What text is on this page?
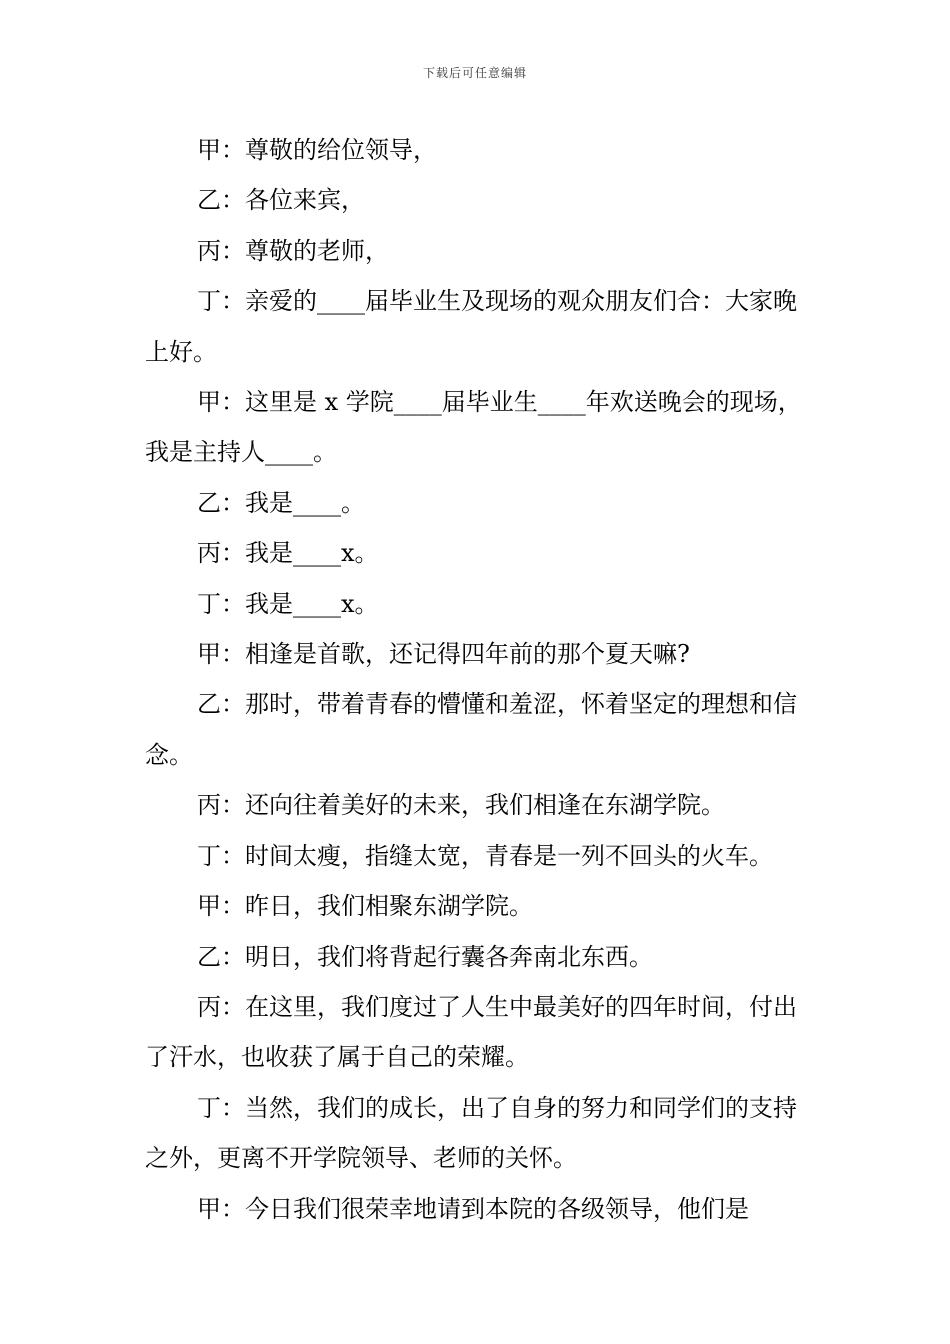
下载后可任意编辑

甲：尊敬的给位领导，

乙：各位来宾，

丙：尊敬的老师，

丁：亲爱的____届毕业生及现场的观众朋友们合：大家晚上好。

甲：这里是 x 学院____届毕业生____年欢送晚会的现场，我是主持人____。

乙：我是____。

丙：我是____x。

丁：我是____x。

甲：相逢是首歌，还记得四年前的那个夏天嘛?

乙：那时，带着青春的懵懂和羞涩，怀着坚定的理想和信念。

丙：还向往着美好的未来，我们相逢在东湖学院。

丁：时间太瘦，指缝太宽，青春是一列不回头的火车。

甲：昨日，我们相聚东湖学院。

乙：明日，我们将背起行囊各奔南北东西。

丙：在这里，我们度过了人生中最美好的四年时间，付出了汗水，也收获了属于自己的荣耀。

丁：当然，我们的成长，出了自身的努力和同学们的支持之外，更离不开学院领导、老师的关怀。

甲：今日我们很荣幸地请到本院的各级领导，他们是
